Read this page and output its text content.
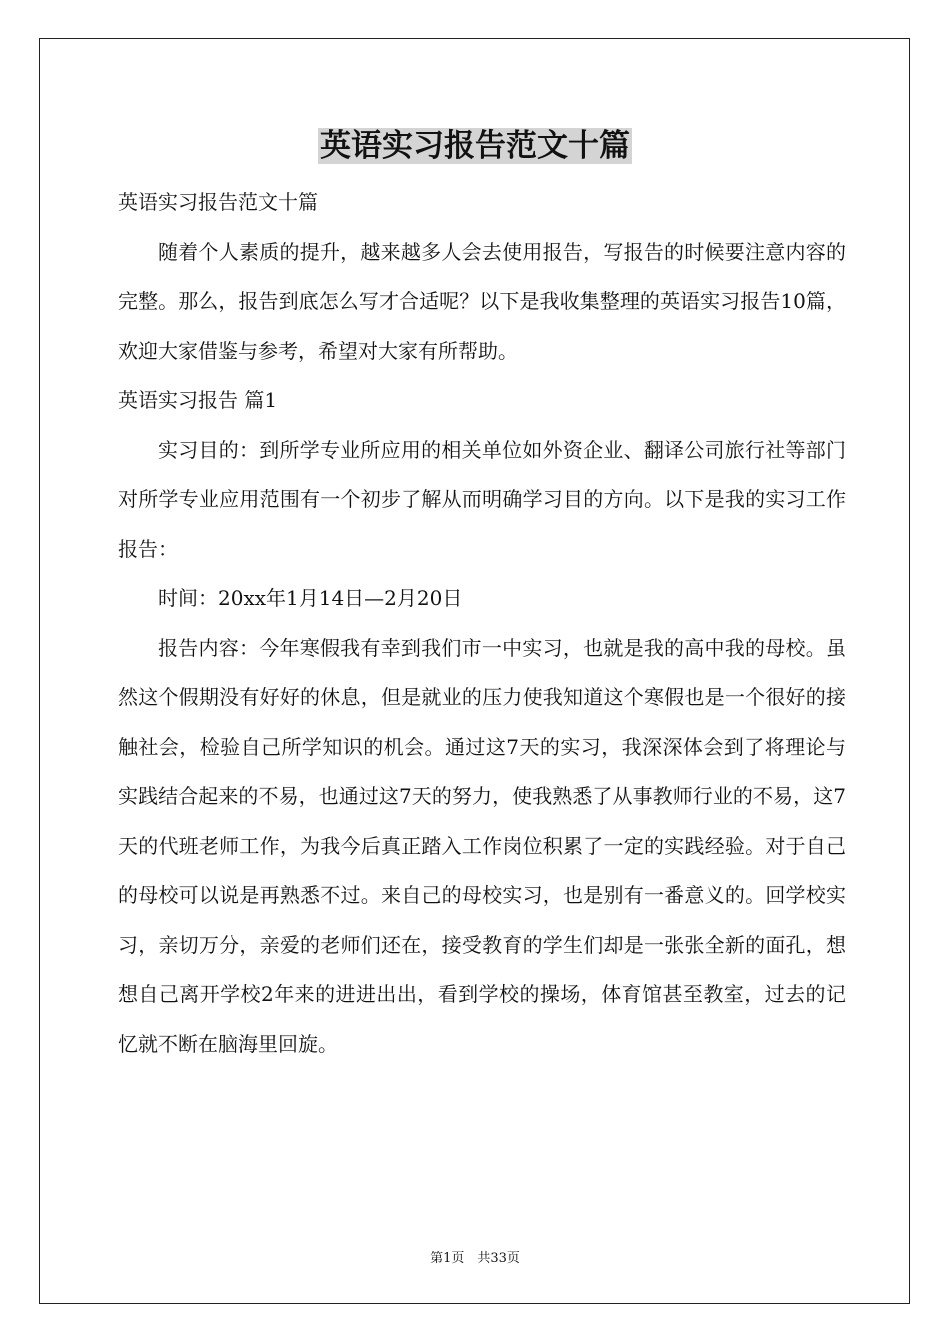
英语实习报告范文十篇

英语实习报告范文十篇

随着个人素质的提升，越来越多人会去使用报告，写报告的时候要注意内容的完整。那么，报告到底怎么写才合适呢？以下是我收集整理的英语实习报告10篇，欢迎大家借鉴与参考，希望对大家有所帮助。

英语实习报告 篇1

实习目的：到所学专业所应用的相关单位如外资企业、翻译公司旅行社等部门对所学专业应用范围有一个初步了解从而明确学习目的方向。以下是我的实习工作报告：

时间：20xx年1月14日—2月20日

报告内容：今年寒假我有幸到我们市一中实习，也就是我的高中我的母校。虽然这个假期没有好好的休息，但是就业的压力使我知道这个寒假也是一个很好的接触社会，检验自己所学知识的机会。通过这7天的实习，我深深体会到了将理论与实践结合起来的不易，也通过这7天的努力，使我熟悉了从事教师行业的不易，这7 天的代班老师工作，为我今后真正踏入工作岗位积累了一定的实践经验。对于自己的母校可以说是再熟悉不过。来自己的母校实习，也是别有一番意义的。回学校实习，亲切万分，亲爱的老师们还在，接受教育的学生们却是一张张全新的面孔，想想自己离开学校2年来的进进出出，看到学校的操场，体育馆甚至教室，过去的记忆就不断在脑海里回旋。

第1页　共33页
